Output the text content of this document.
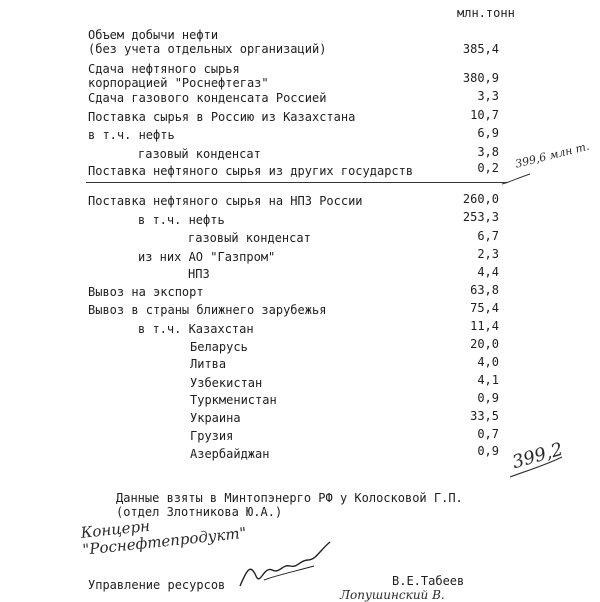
млн.тонн
Объем добычи нефти
(без учета отдельных организаций)	385,4
Сдача нефтяного сырья
корпорацией "Роснефтегаз"	380,9
Сдача газового конденсата Россией	3,3
Поставка сырья в Россию из Казахстана	10,7
в т.ч. нефть	6,9
газовый конденсат	3,8
Поставка нефтяного сырья из других государств	0,2 399,6 млн т.
Поставка нефтяного сырья на НПЗ России	260,0
в т.ч. нефть	253,3
газовый конденсат	6,7
из них АО "Газпром"	2,3
НПЗ	4,4
Вывоз на экспорт	63,8
Вывоз в страны ближнего зарубежья	75,4
в т.ч. Казахстан	11,4
Беларусь	20,0
Литва	4,0
Узбекистан	4,1
Туркменистан	0,9
Украина	33,5
Грузия	0,7
Азербайджан	0,9 399,2
Данные взяты в Минтопэнерго РФ у Колосковой Г.П.
(отдел Злотникова Ю.А.)
Концерн
"Роснефтепродукт"
Управление ресурсов	В.Е.Табеев
Лопушинский В.
